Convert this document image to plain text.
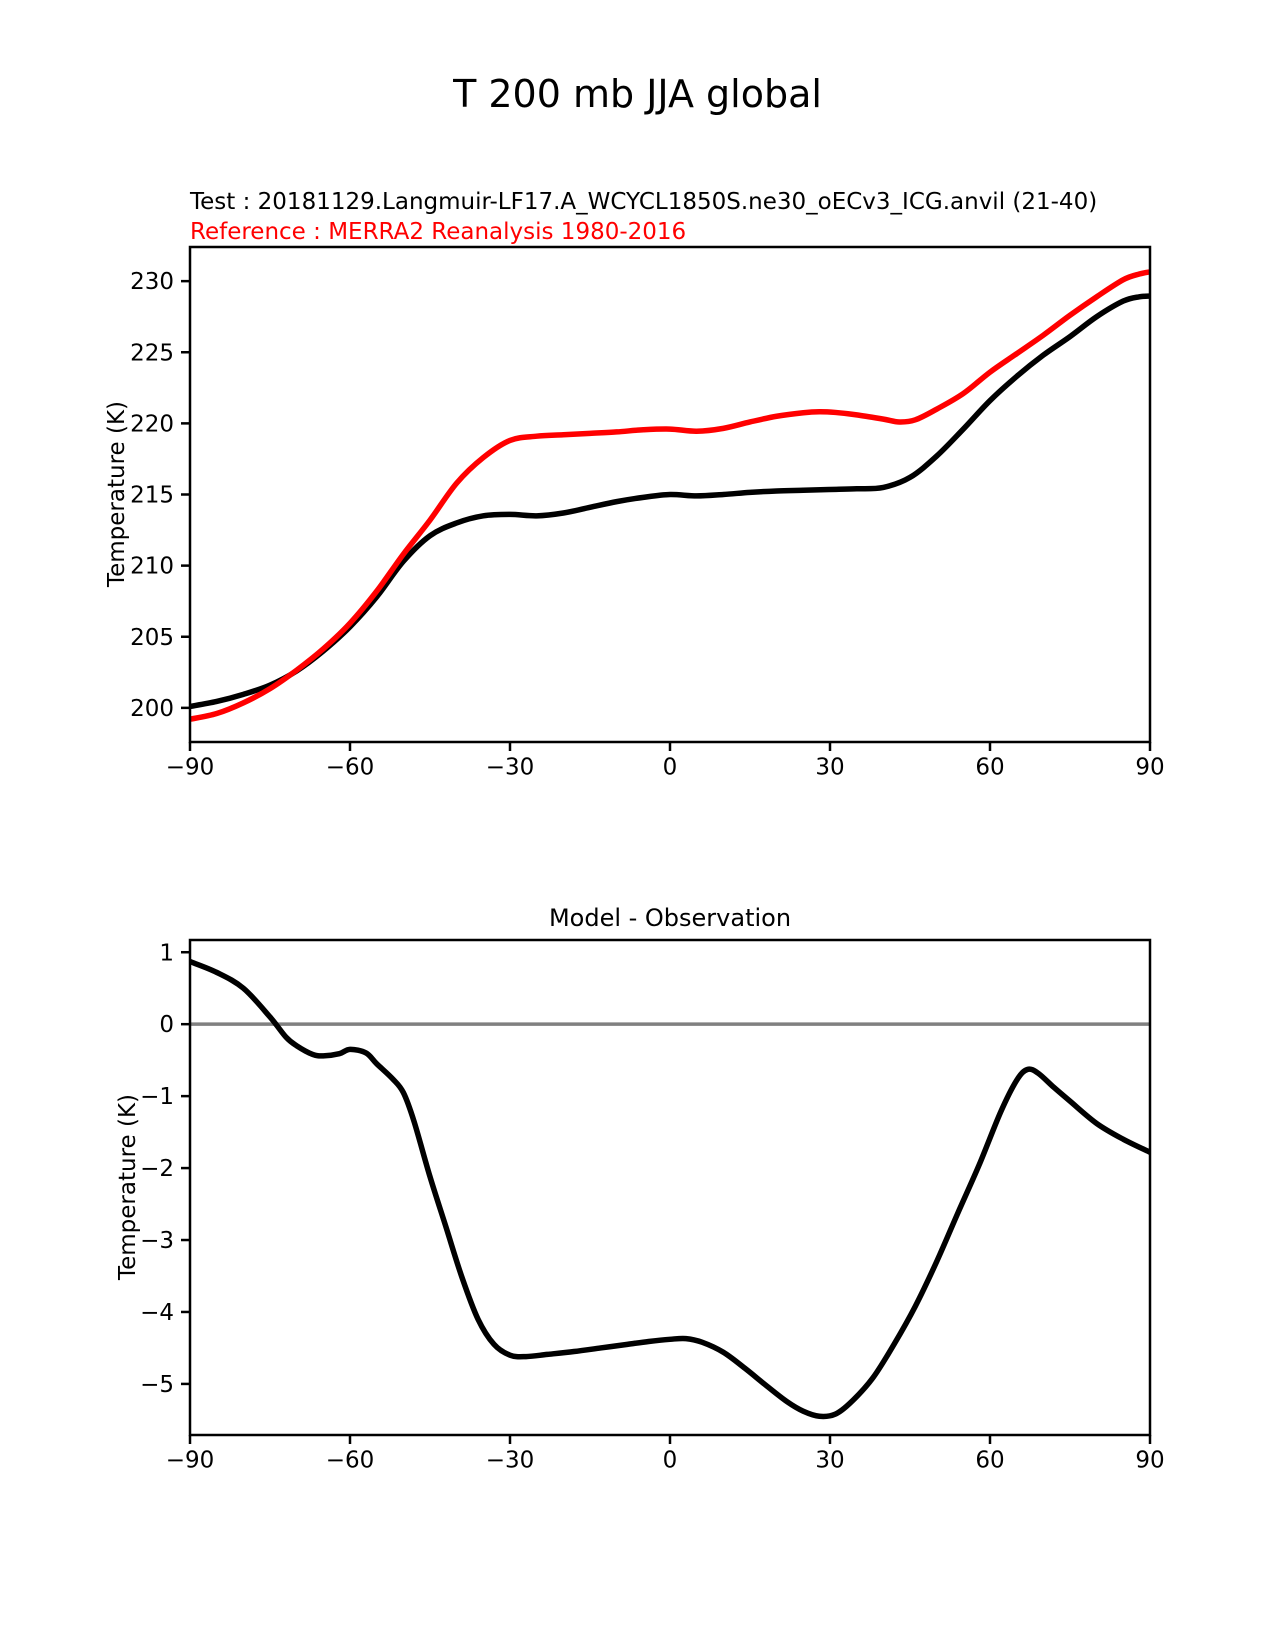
T 200 mb JJA global
Test : 20181129.Langmuir-LF17.A_WCYCL1850S.ne30_oECv3_ICG.anvil (21-40)
Reference : MERRA2 Reanalysis 1980-2016
Model - Observation
Temperature (K)
Temperature (K)
−90	−60	−30	0	30	60	90
200
205
210
215
220
225
230
−90	−60	−30	0	30	60	90
1
0
−1
−2
−3
−4
−5
